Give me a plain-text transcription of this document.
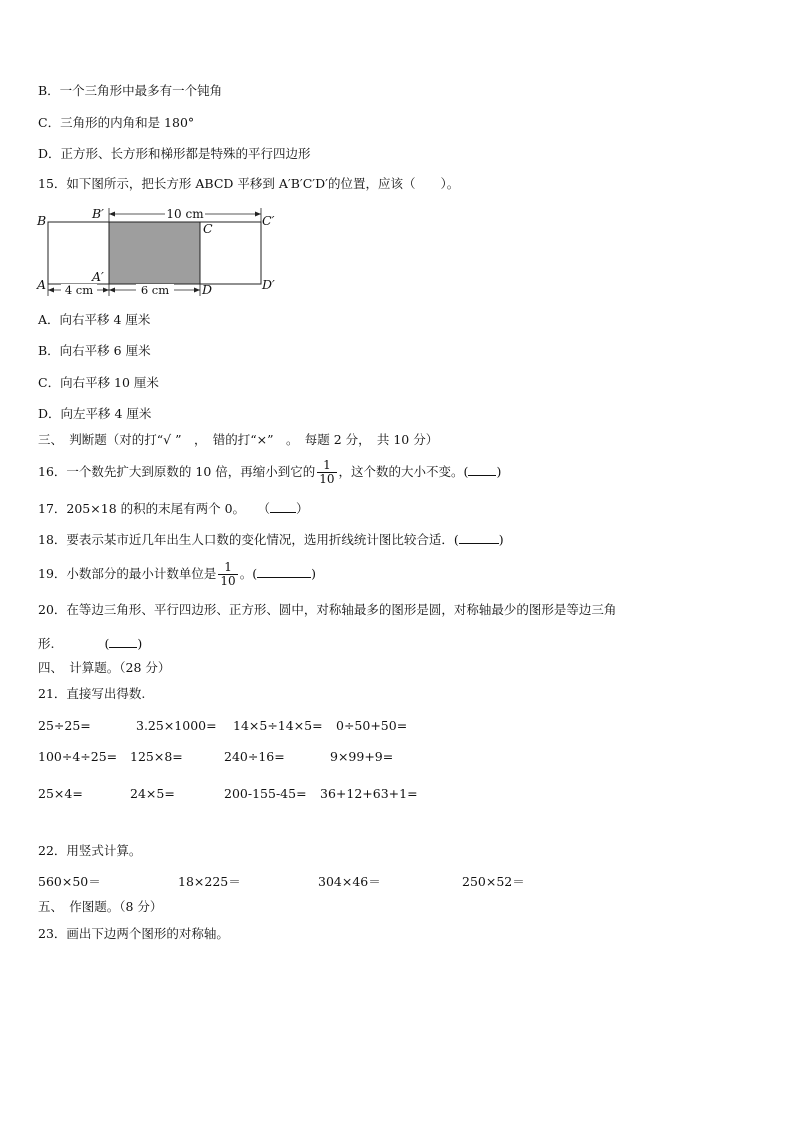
B．一个三角形中最多有一个钝角
C．三角形的内角和是 180°
D．正方形、长方形和梯形都是特殊的平行四边形
15．如下图所示，把长方形 ABCD 平移到 A′B′C′D′的位置，应该（　　）。
10 cm
4 cm	6 cm
B	B′
C
C′
A
A′
D	D′
A．向右平移 4 厘米
B．向右平移 6 厘米
C．向右平移 10 厘米
D．向左平移 4 厘米
三、　判断题（对的打“√ ”　，　错的打“×”　。　每题 2 分，　共 10 分）
16．一个数先扩大到原数的 10 倍，再缩小到它的 $\frac{1}{10}$ ，这个数的大小不变。( )
17．205×18 的积的末尾有两个 0。　　（ ）
18．要表示某市近几年出生人口数的变化情况，选用折线统计图比较合适．(	)
19．小数部分的最小计数单位是 $\frac{1}{10}$ 。(	)
20．在等边三角形、平行四边形、正方形、圆中，对称轴最多的图形是圆，对称轴最少的图形是等边三角
形.　　　　( )
四、　计算题。（28 分）
21．直接写出得数.
25÷25=	3.25×1000= 14×5÷14×5= 0÷50+50=
100÷4÷25= 125×8=	240÷16=	9×99+9=
25×4=	24×5=	200-155-45= 36+12+63+1=
22．用竖式计算。
560×50＝	18×225＝	304×46＝	250×52＝
五、　作图题。（8 分）
23．画出下边两个图形的对称轴。
